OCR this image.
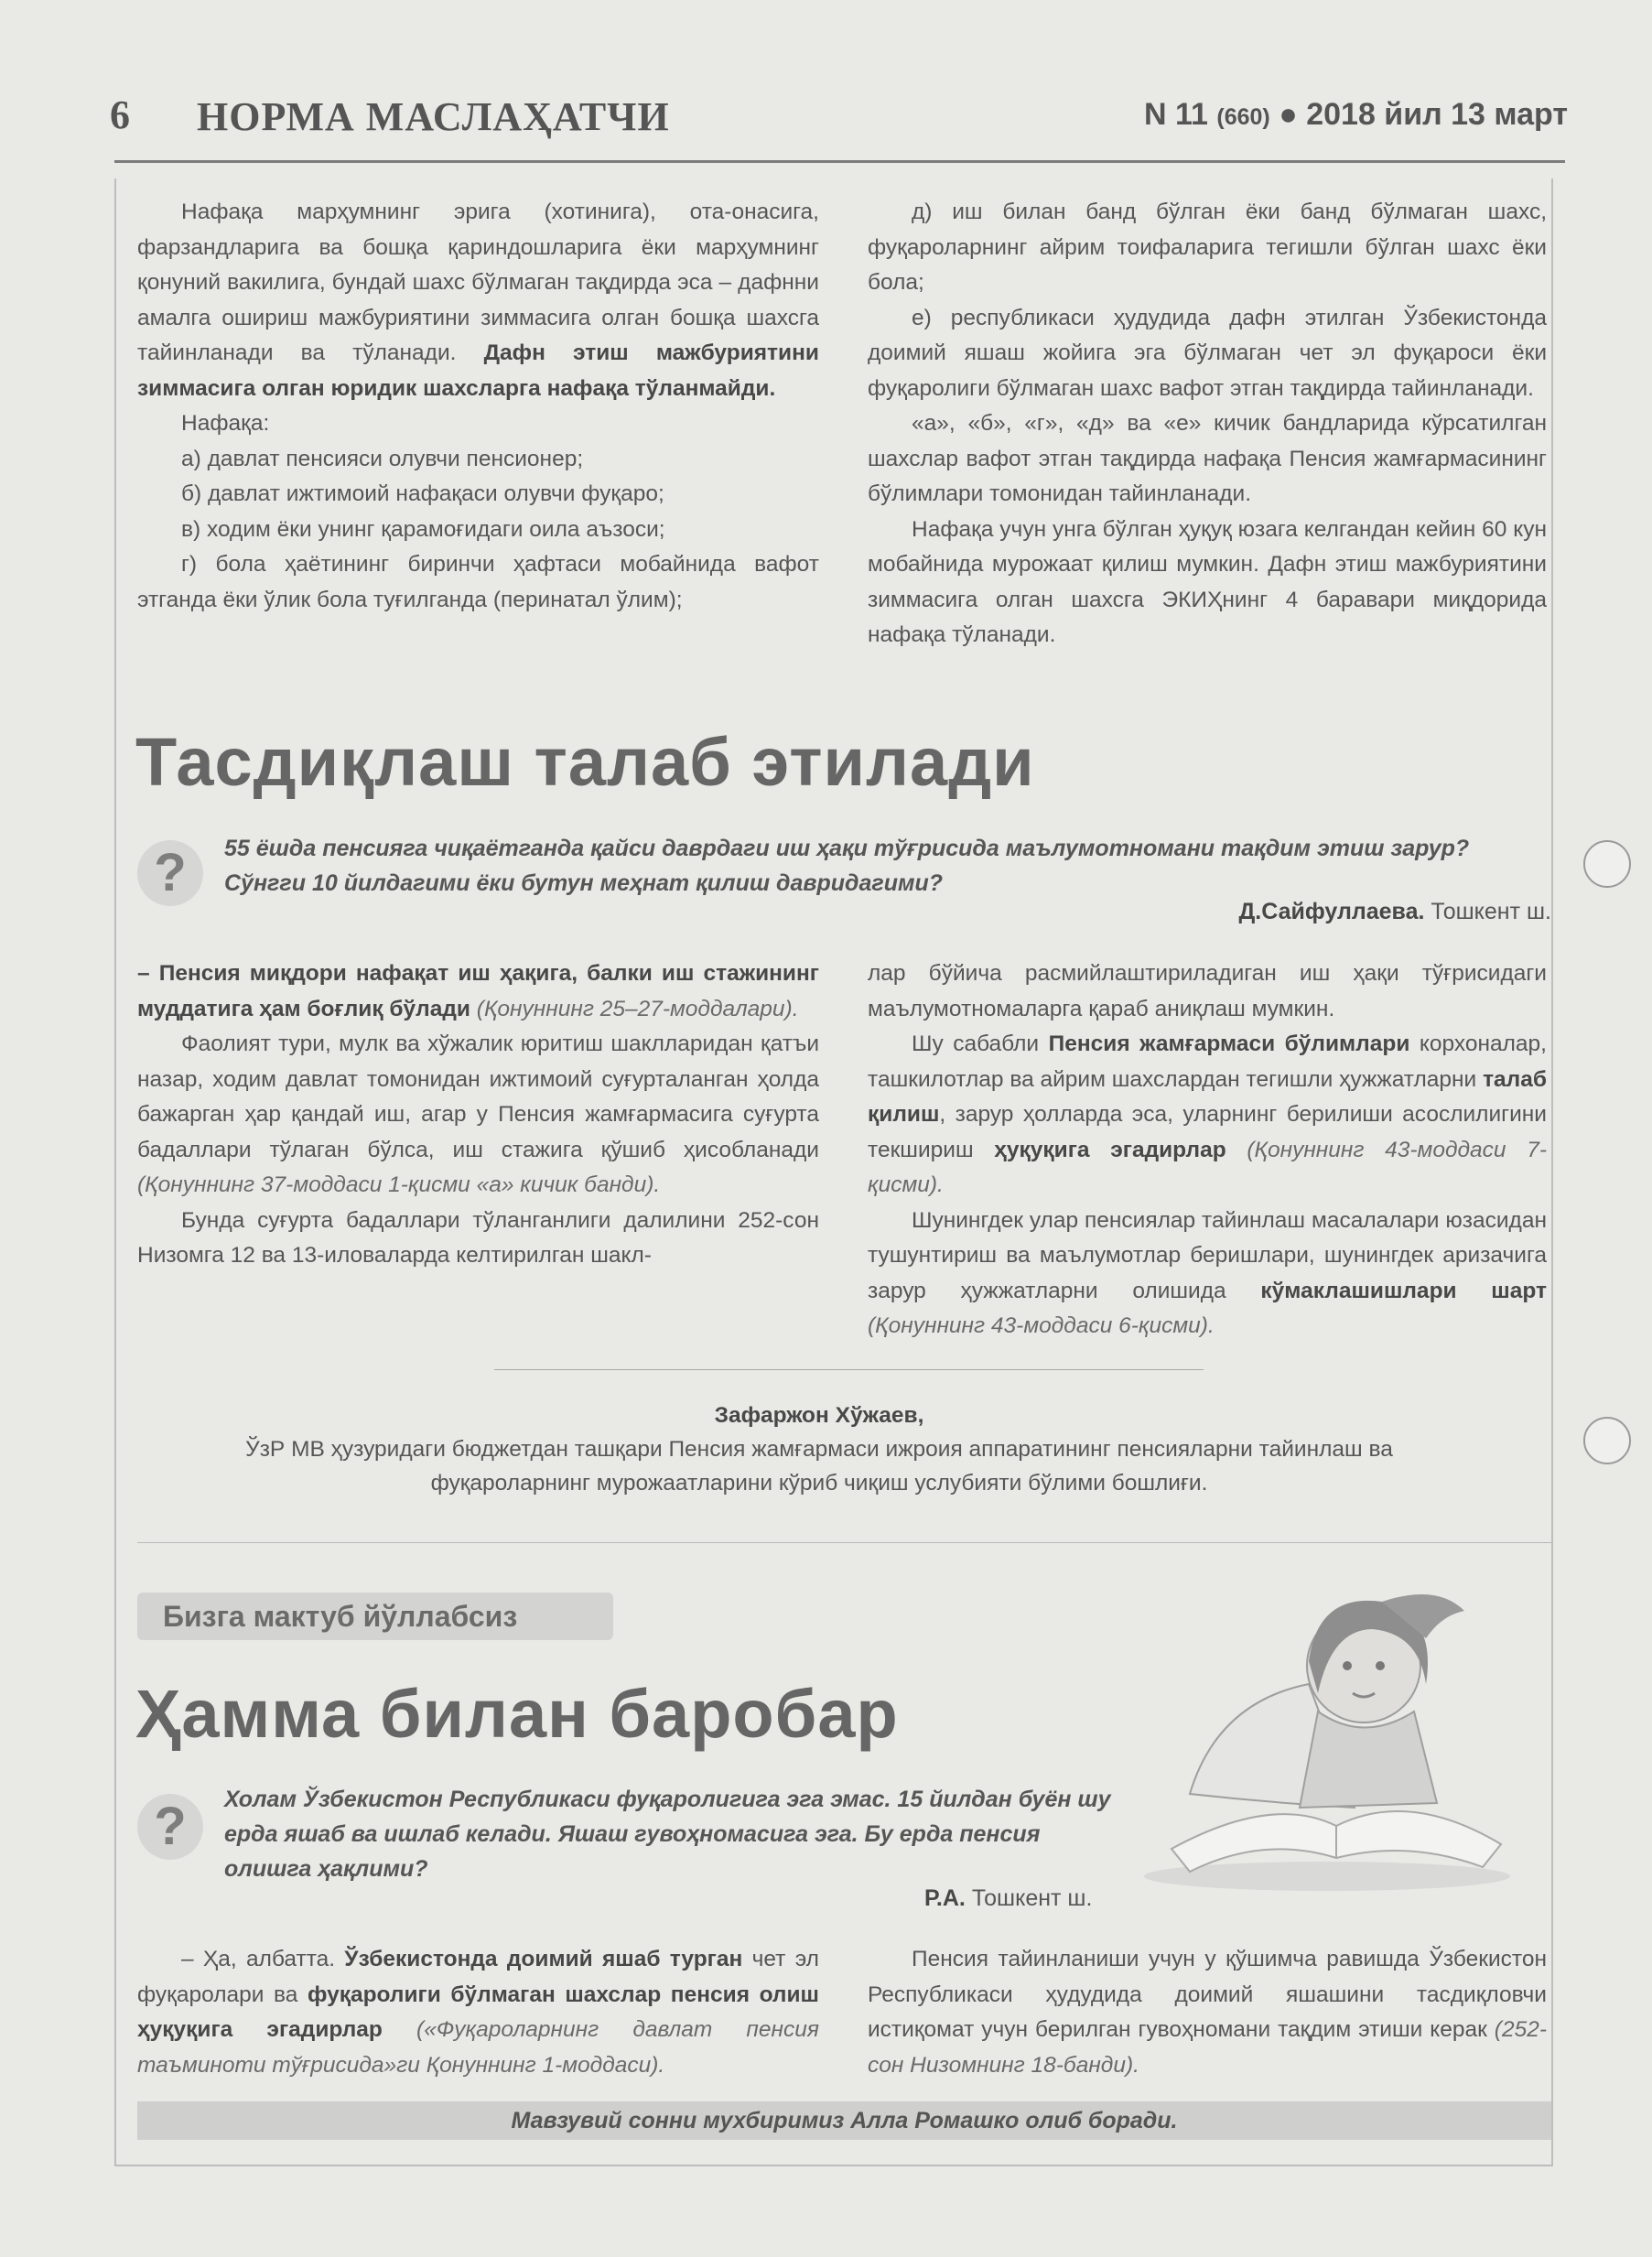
6 НОРМА МАСЛАҲАТЧИ	N 11 (660) ● 2018 йил 13 март

Нафақа марҳумнинг эрига (хотинига), ота-онасига, фарзандларига ва бошқа қариндошларига ёки марҳумнинг қонуний вакилига, бундай шахс бўлмаган тақдирда эса – дафнни амалга ошириш мажбуриятини зиммасига олган бошқа шахсга тайинланади ва тўланади. Дафн этиш мажбуриятини зиммасига олган юридик шахсларга нафақа тўланмайди.

Нафақа:

а) давлат пенсияси олувчи пенсионер;

б) давлат ижтимоий нафақаси олувчи фуқаро;

в) ходим ёки унинг қарамоғидаги оила аъзоси;

г) бола ҳаётининг биринчи ҳафтаси мобайнида вафот этганда ёки ўлик бола туғилганда (перинатал ўлим);

д) иш билан банд бўлган ёки банд бўлмаган шахс, фуқароларнинг айрим тоифаларига тегишли бўлган шахс ёки бола;

е) республикаси ҳудудида дафн этилган Ўзбекистонда доимий яшаш жойига эга бўлмаган чет эл фуқароси ёки фуқаролиги бўлмаган шахс вафот этган тақдирда тайинланади.

«а», «б», «г», «д» ва «е» кичик бандларида кўрсатилган шахслар вафот этган тақдирда нафақа Пенсия жамғармасининг бўлимлари томонидан тайинланади.

Нафақа учун унга бўлган ҳуқуқ юзага келгандан кейин 60 кун мобайнида мурожаат қилиш мумкин. Дафн этиш мажбуриятини зиммасига олган шахсга ЭКИҲнинг 4 баравари миқдорида нафақа тўланади.

Тасдиқлаш талаб этилади
?	55 ёшда пенсияга чиқаётганда қайси даврдаги иш ҳақи тўғрисида маълумотномани тақдим этиш зарур? Сўнгги 10 йилдагими ёки бутун меҳнат қилиш давридагими?
Д.Сайфуллаева. Тошкент ш.

– Пенсия миқдори нафақат иш ҳақига, балки иш стажининг муддатига ҳам боғлиқ бўлади (Қонуннинг 25–27-моддалари).

Фаолият тури, мулк ва хўжалик юритиш шаклларидан қатъи назар, ходим давлат томонидан ижтимоий суғурталанган ҳолда бажарган ҳар қандай иш, агар у Пенсия жамғармасига суғурта бадаллари тўлаган бўлса, иш стажига қўшиб ҳисобланади (Қонуннинг 37-моддаси 1-қисми «а» кичик банди).

Бунда суғурта бадаллари тўланганлиги далилини 252-сон Низомга 12 ва 13-иловаларда келтирилган шакл-

лар бўйича расмийлаштириладиган иш ҳақи тўғрисидаги маълумотномаларга қараб аниқлаш мумкин.

Шу сабабли Пенсия жамғармаси бўлимлари корхоналар, ташкилотлар ва айрим шахслардан тегишли ҳужжатларни талаб қилиш, зарур ҳолларда эса, уларнинг берилиши асослилигини текшириш ҳуқуқига эгадирлар (Қонуннинг 43-моддаси 7-қисми).

Шунингдек улар пенсиялар тайинлаш масалалари юзасидан тушунтириш ва маълумотлар беришлари, шунингдек аризачига зарур ҳужжатларни олишида кўмаклашишлари шарт (Қонуннинг 43-моддаси 6-қисми).

Зафаржон Хўжаев,
ЎзР МВ ҳузуридаги бюджетдан ташқари Пенсия жамғармаси ижроия аппаратининг пенсияларни тайинлаш ва фуқароларнинг мурожаатларини кўриб чиқиш услубияти бўлими бошлиғи.
Бизга мактуб йўллабсиз
Ҳамма билан баробар
?	Холам Ўзбекистон Республикаси фуқаролигига эга эмас. 15 йилдан буён шу ерда яшаб ва ишлаб келади. Яшаш гувоҳномасига эга. Бу ерда пенсия олишга ҳақлими?
Р.А. Тошкент ш.

– Ҳа, албатта. Ўзбекистонда доимий яшаб турган чет эл фуқаролари ва фуқаролиги бўлмаган шахслар пенсия олиш ҳуқуқига эгадирлар («Фуқароларнинг давлат пенсия таъминоти тўғрисида»ги Қонуннинг 1-моддаси).

Пенсия тайинланиши учун у қўшимча равишда Ўзбекистон Республикаси ҳудудида доимий яшашини тасдиқловчи истиқомат учун берилган гувоҳномани тақдим этиши керак (252-сон Низомнинг 18-банди).

Мавзувий сонни мухбиримиз Алла Ромашко олиб боради.
